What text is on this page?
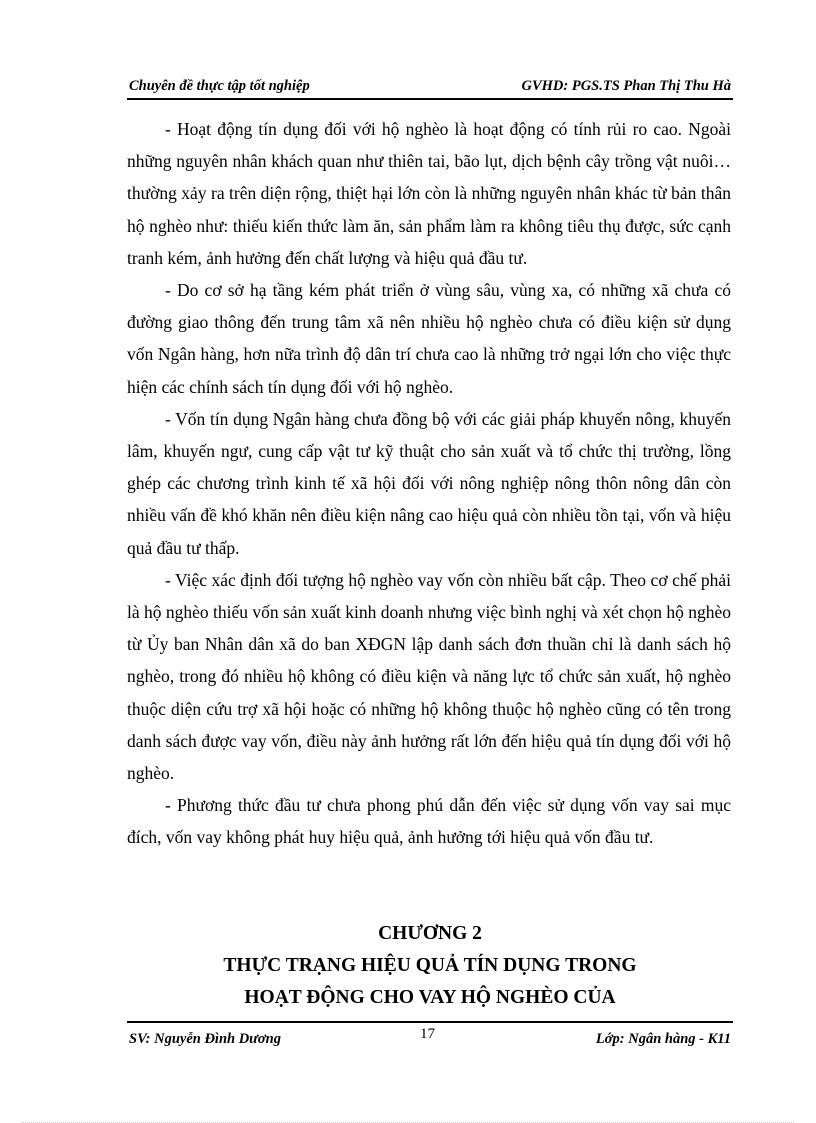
Chuyên đề thực tập tốt nghiệp	GVHD: PGS.TS Phan Thị Thu Hà

- Hoạt động tín dụng đối với hộ nghèo là hoạt động có tính rủi ro cao. Ngoài những nguyên nhân khách quan như thiên tai, bão lụt, dịch bệnh cây trồng vật nuôi…thường xảy ra trên diện rộng, thiệt hại lớn còn là những nguyên nhân khác từ bản thân hộ nghèo như: thiếu kiến thức làm ăn, sản phẩm làm ra không tiêu thụ được, sức cạnh tranh kém, ảnh hưởng đến chất lượng và hiệu quả đầu tư.

- Do cơ sở hạ tầng kém phát triển ở vùng sâu, vùng xa, có những xã chưa có đường giao thông đến trung tâm xã nên nhiều hộ nghèo chưa có điều kiện sử dụng vốn Ngân hàng, hơn nữa trình độ dân trí chưa cao là những trở ngại lớn cho việc thực hiện các chính sách tín dụng đối với hộ nghèo.

- Vốn tín dụng Ngân hàng chưa đồng bộ với các giải pháp khuyến nông, khuyến lâm, khuyến ngư, cung cấp vật tư kỹ thuật cho sản xuất và tổ chức thị trường, lồng ghép các chương trình kinh tế xã hội đối với nông nghiệp nông thôn nông dân còn nhiều vấn đề khó khăn nên điều kiện nâng cao hiệu quả còn nhiều tồn tại, vốn và hiệu quả đầu tư thấp.

- Việc xác định đối tượng hộ nghèo vay vốn còn nhiều bất cập. Theo cơ chế phải là hộ nghèo thiếu vốn sản xuất kinh doanh nhưng việc bình nghị và xét chọn hộ nghèo từ Ủy ban Nhân dân xã do ban XĐGN lập danh sách đơn thuần chỉ là danh sách hộ nghèo, trong đó nhiều hộ không có điều kiện và năng lực tổ chức sản xuất, hộ nghèo thuộc diện cứu trợ xã hội hoặc có những hộ không thuộc hộ nghèo cũng có tên trong danh sách được vay vốn, điều này ảnh hưởng rất lớn đến hiệu quả tín dụng đối với hộ nghèo.

- Phương thức đầu tư chưa phong phú dẫn đến việc sử dụng vốn vay sai mục đích, vốn vay không phát huy hiệu quả, ảnh hưởng tới hiệu quả vốn đầu tư.

CHƯƠNG 2
THỰC TRẠNG HIỆU QUẢ TÍN DỤNG TRONG
HOẠT ĐỘNG CHO VAY HỘ NGHÈO CỦA
SV: Nguyễn Đình Dương	17	Lớp: Ngân hàng - K11
